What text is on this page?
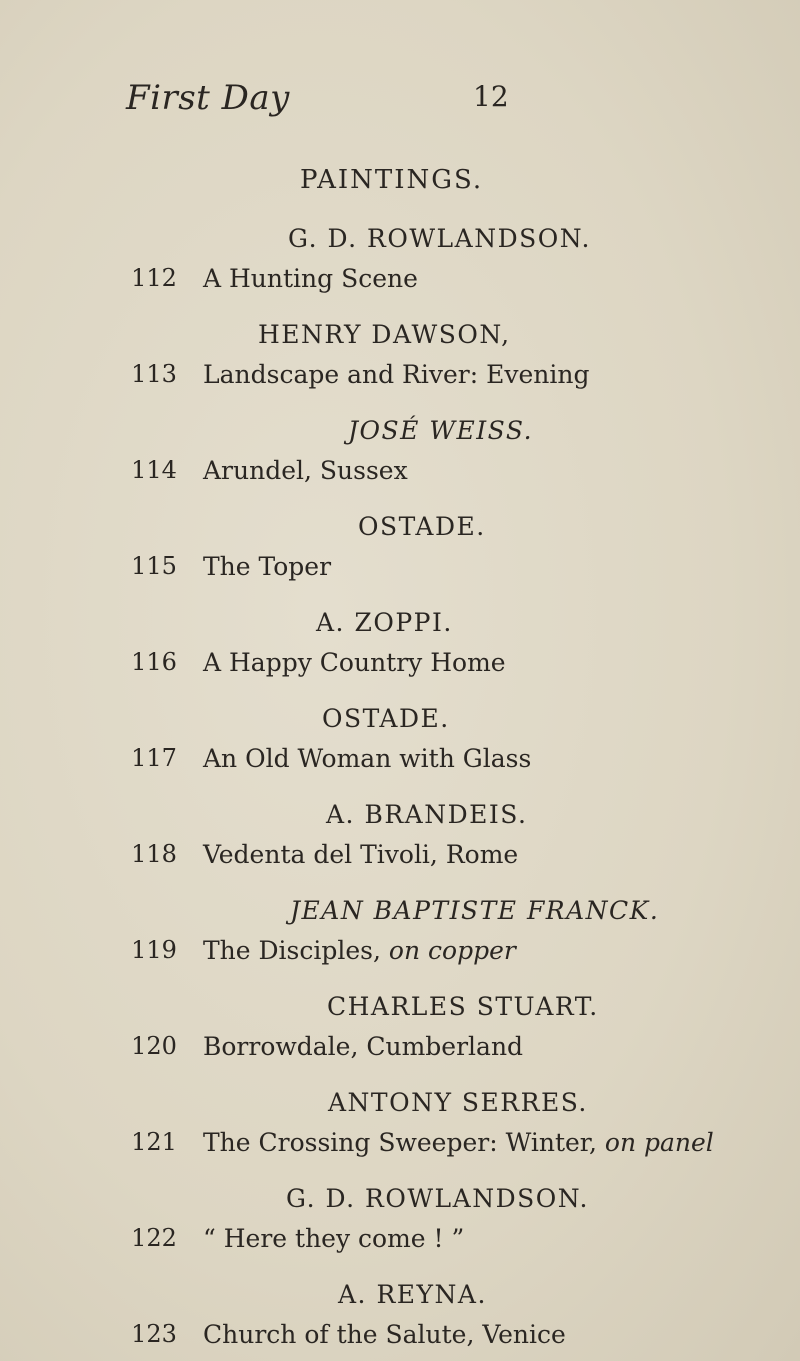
First Day	12
PAINTINGS.
G. D. ROWLANDSON.
112 A Hunting Scene
HENRY DAWSON,
113 Landscape and River: Evening
JOSÉ WEISS.
114 Arundel, Sussex
OSTADE.
115 The Toper
A. ZOPPI.
116 A Happy Country Home
OSTADE.
117 An Old Woman with Glass
A. BRANDEIS.
118 Vedenta del Tivoli, Rome
JEAN BAPTISTE FRANCK.
119 The Disciples, on copper
CHARLES STUART.
120 Borrowdale, Cumberland
ANTONY SERRES.
121 The Crossing Sweeper: Winter, on panel
G. D. ROWLANDSON.
122 “ Here they come ! ”
A. REYNA.
123 Church of the Salute, Venice
